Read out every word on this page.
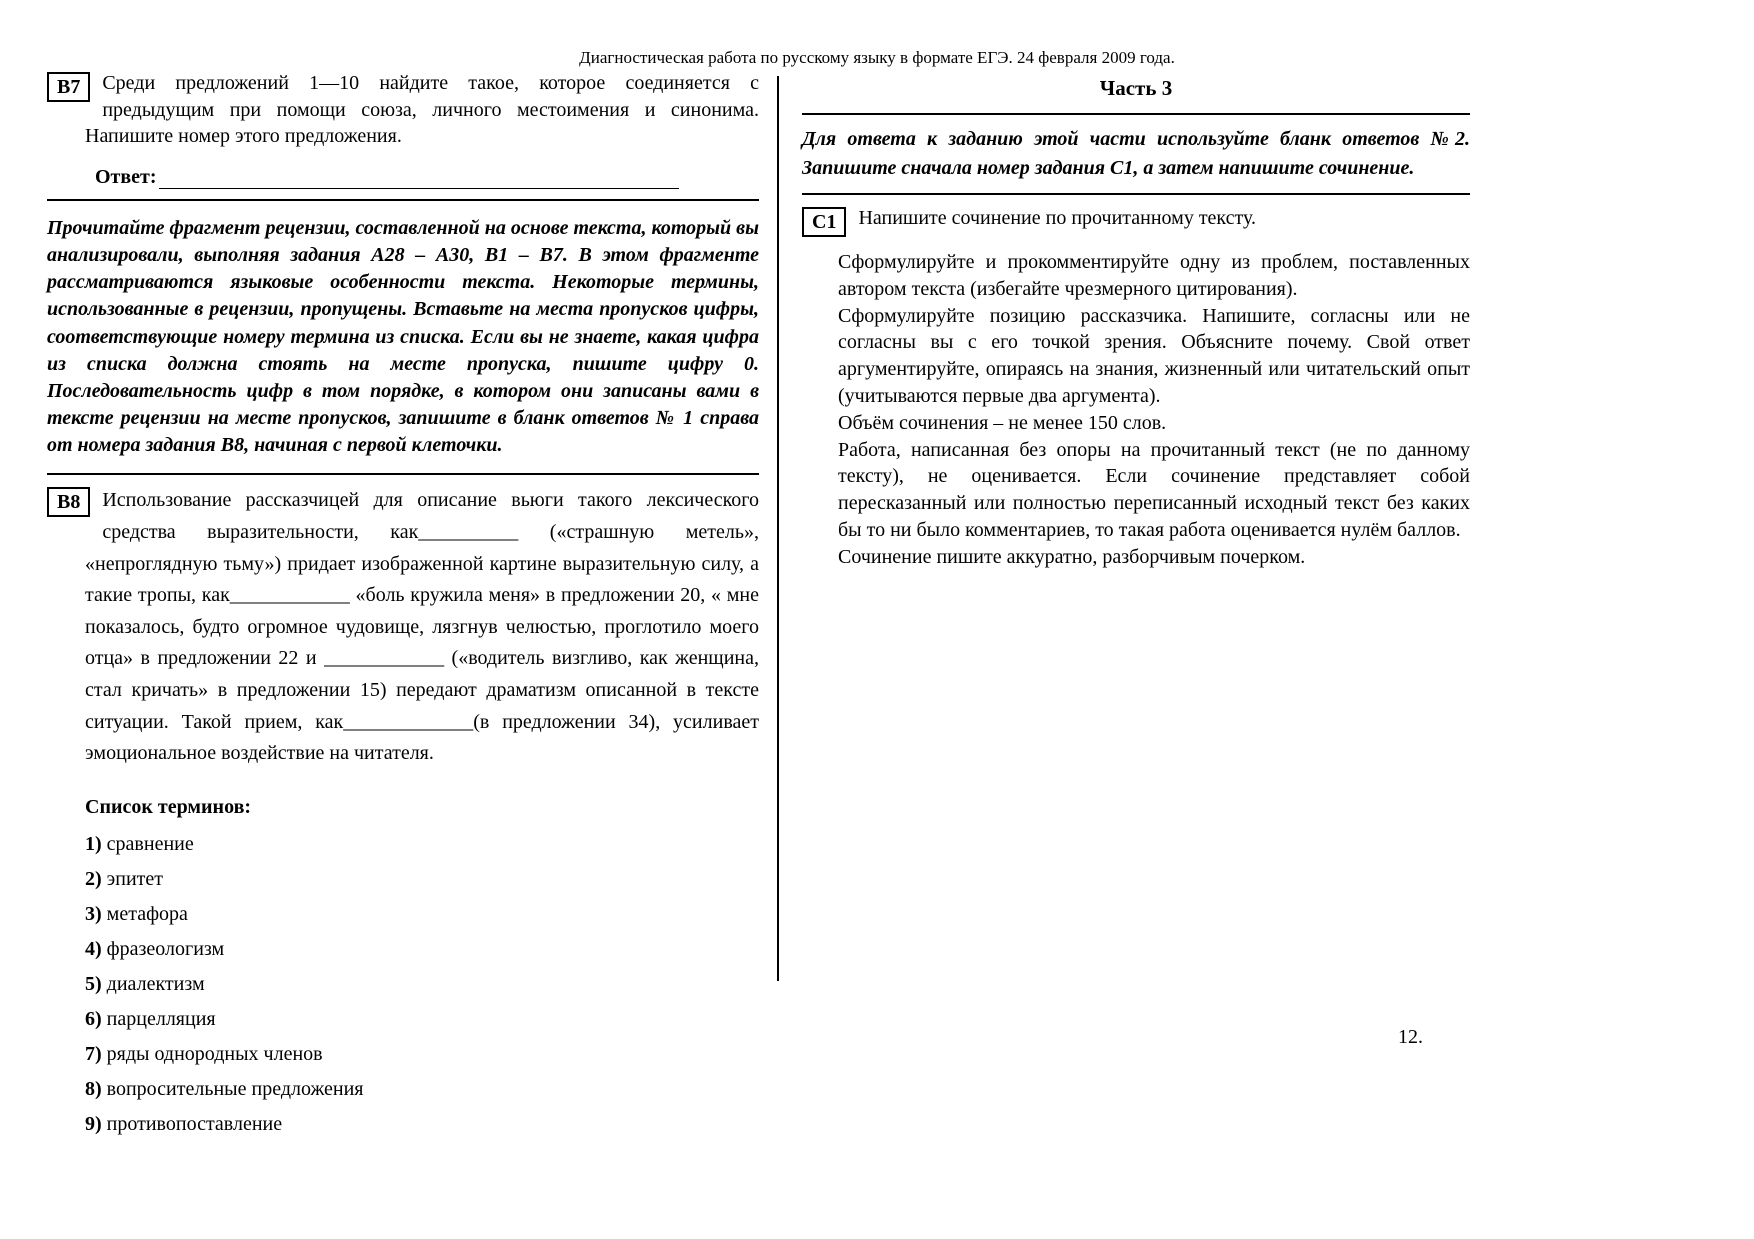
Диагностическая работа по русскому языку в формате ЕГЭ. 24 февраля 2009 года.
В7	Среди предложений 1—10 найдите такое, которое соединяется с предыдущим при помощи союза, личного местоимения и синонима. Напишите номер этого предложения.

Ответ:

Прочитайте фрагмент рецензии, составленной на основе текста, который вы анализировали, выполняя задания А28 – А30, В1 – В7. В этом фрагменте рассматриваются языковые особенности текста. Некоторые термины, использованные в рецензии, пропущены. Вставьте на места пропусков цифры, соответствующие номеру термина из списка. Если вы не знаете, какая цифра из списка должна стоять на месте пропуска, пишите цифру 0. Последовательность цифр в том порядке, в котором они записаны вами в тексте рецензии на месте пропусков, запишите в бланк ответов № 1 справа от номера задания В8, начиная с первой клеточки.

В8	Использование рассказчицей для описание вьюги такого лексического средства выразительности, как__________ («страшную метель», «непроглядную тьму») придает изображенной картине выразительную силу, а такие тропы, как____________ «боль кружила меня» в предложении 20, « мне показалось, будто огромное чудовище, лязгнув челюстью, проглотило моего отца» в предложении 22 и ____________ («водитель визгливо, как женщина, стал кричать» в предложении 15) передают драматизм описанной в тексте ситуации. Такой прием, как_____________(в предложении 34), усиливает эмоциональное воздействие на читателя.

Список терминов:
1) сравнение
2) эпитет
3) метафора
4) фразеологизм
5) диалектизм
6) парцелляция
7) ряды однородных членов
8) вопросительные предложения
9) противопоставление
Часть 3

Для ответа к заданию этой части используйте бланк ответов №2. Запишите сначала номер задания С1, а затем напишите сочинение.

С1	Напишите сочинение по прочитанному тексту.

Сформулируйте и прокомментируйте одну из проблем, поставленных автором текста (избегайте чрезмерного цитирования).

Сформулируйте позицию рассказчика. Напишите, согласны или не согласны вы с его точкой зрения. Объясните почему. Свой ответ аргументируйте, опираясь на знания, жизненный или читательский опыт (учитываются первые два аргумента).

Объём сочинения – не менее 150 слов.

Работа, написанная без опоры на прочитанный текст (не по данному тексту), не оценивается. Если сочинение представляет собой пересказанный или полностью переписанный исходный текст без каких бы то ни было комментариев, то такая работа оценивается нулём баллов.

Сочинение пишите аккуратно, разборчивым почерком.

12.
